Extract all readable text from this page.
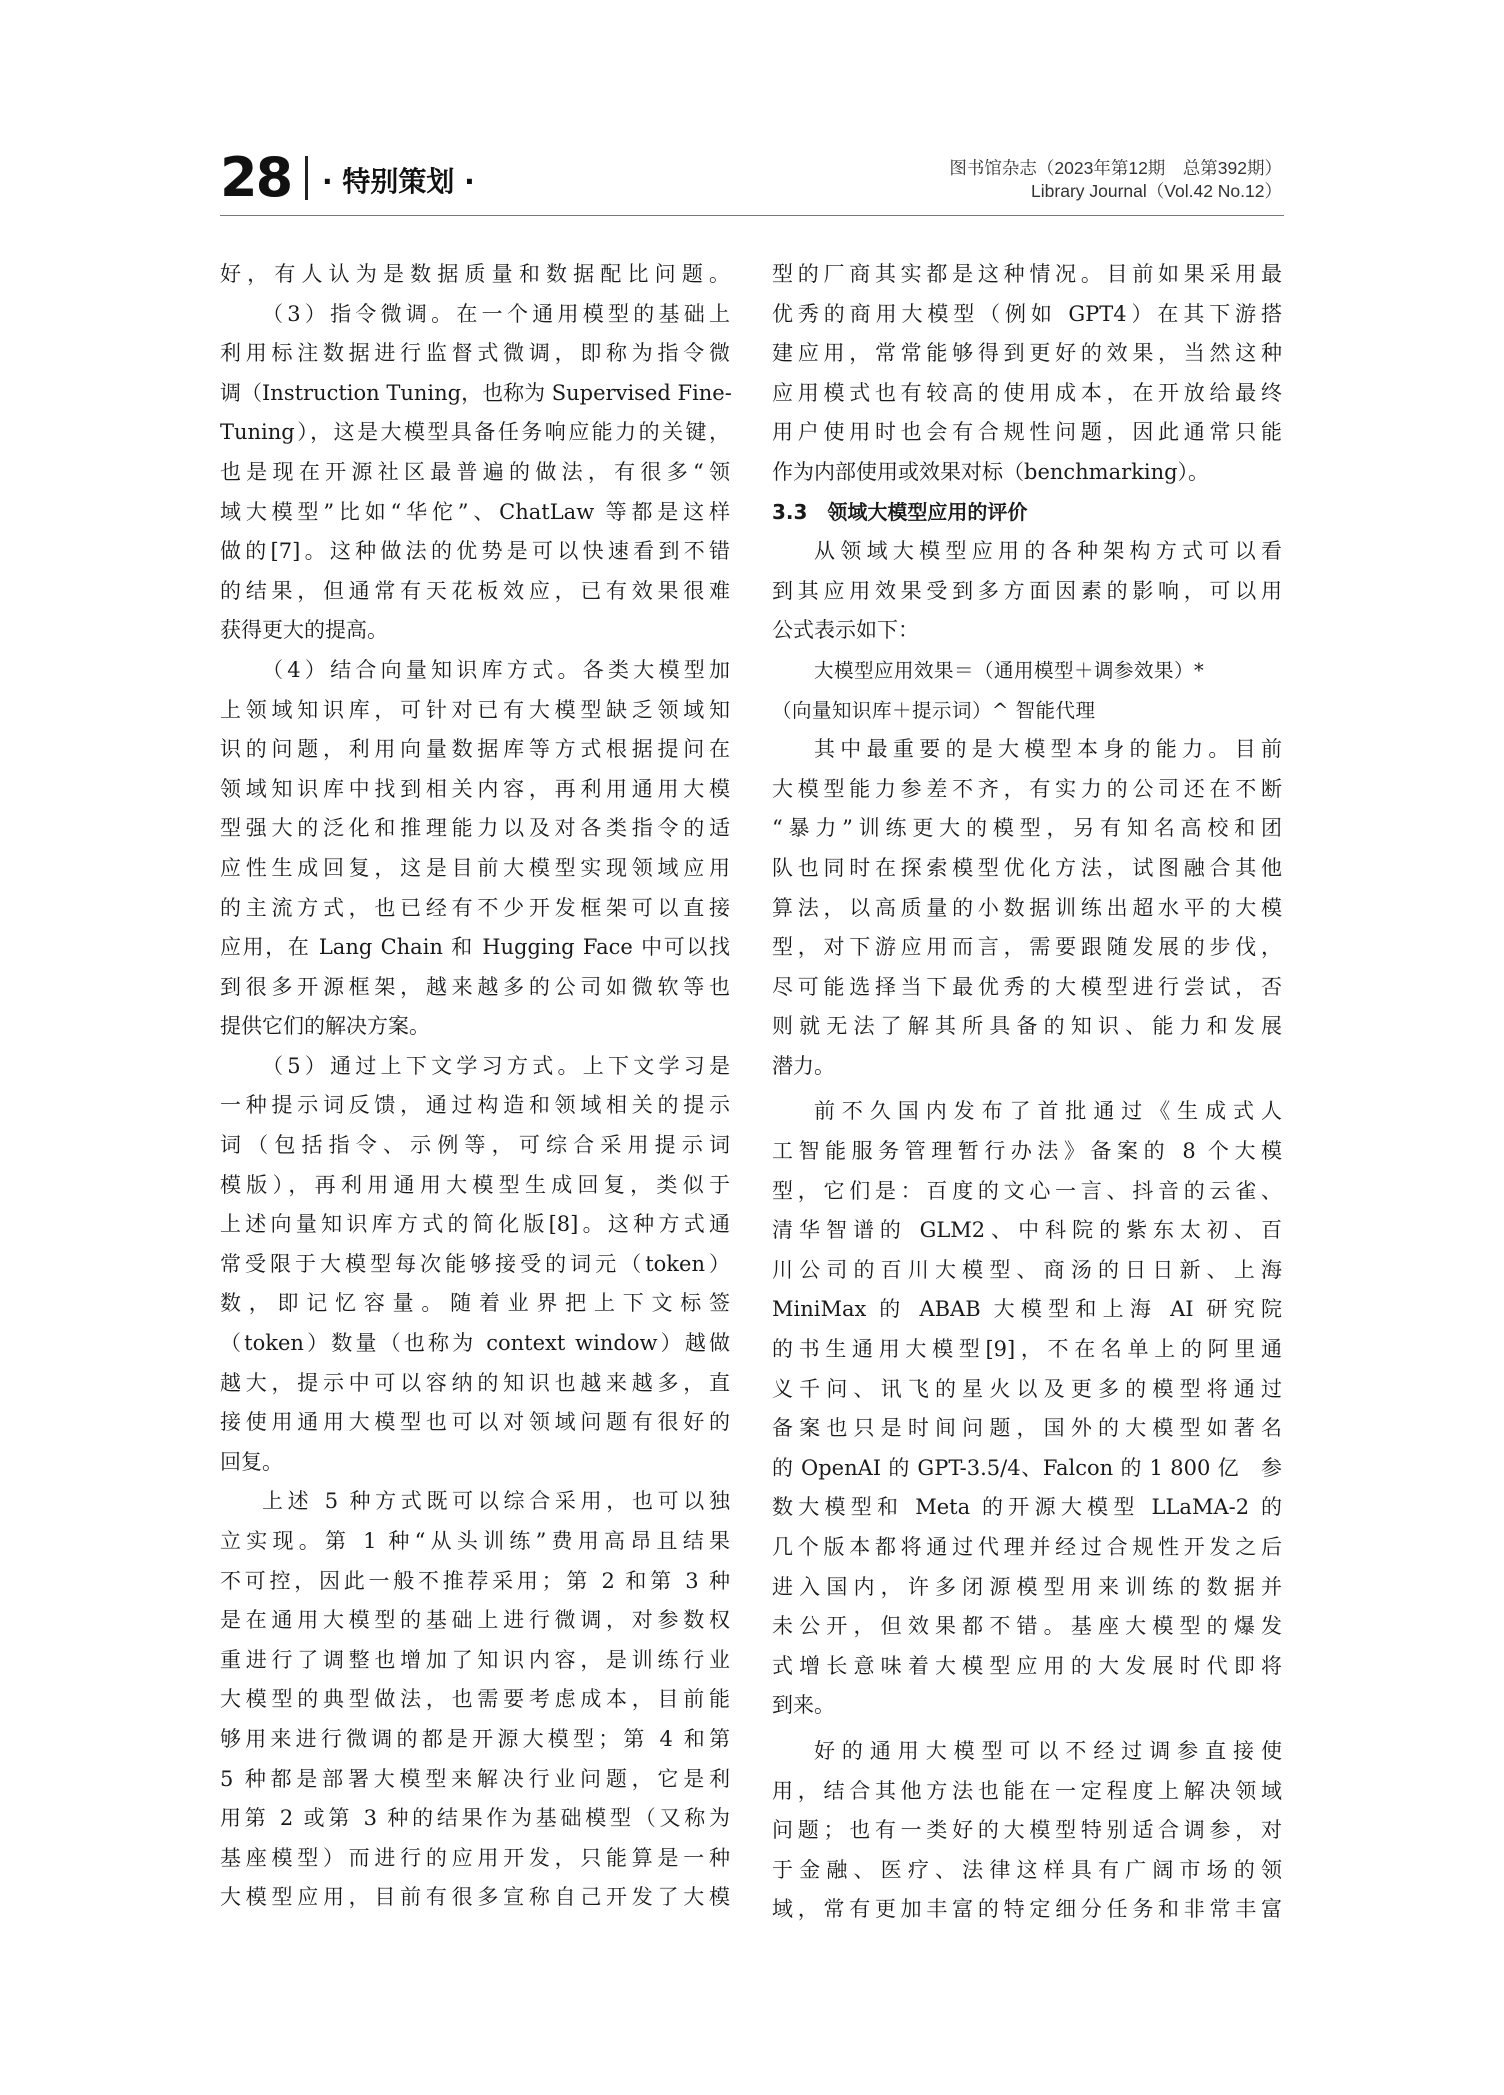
28 · 特别策划 ·	图书馆杂志（2023年第12期　总第392期）
Library Journal（Vol.42 No.12）
好，有人认为是数据质量和数据配比问题。
（3）指令微调。在一个通用模型的基础上
利用标注数据进行监督式微调，即称为指令微
调（Instruction Tuning，也称为 Supervised Fine-
Tuning），这是大模型具备任务响应能力的关键，
也是现在开源社区最普遍的做法，有很多“领
域大模型”比如“华佗”、ChatLaw 等都是这样
做的[7]。这种做法的优势是可以快速看到不错
的结果，但通常有天花板效应，已有效果很难
获得更大的提高。
（4）结合向量知识库方式。各类大模型加
上领域知识库，可针对已有大模型缺乏领域知
识的问题，利用向量数据库等方式根据提问在
领域知识库中找到相关内容，再利用通用大模
型强大的泛化和推理能力以及对各类指令的适
应性生成回复，这是目前大模型实现领域应用
的主流方式，也已经有不少开发框架可以直接
应用，在 Lang Chain 和 Hugging Face 中可以找
到很多开源框架，越来越多的公司如微软等也
提供它们的解决方案。
（5）通过上下文学习方式。上下文学习是
一种提示词反馈，通过构造和领域相关的提示
词（包括指令、示例等，可综合采用提示词
模版），再利用通用大模型生成回复，类似于
上述向量知识库方式的简化版[8]。这种方式通
常受限于大模型每次能够接受的词元（token）
数，即记忆容量。随着业界把上下文标签
（token）数量（也称为 context window）越做
越大，提示中可以容纳的知识也越来越多，直
接使用通用大模型也可以对领域问题有很好的
回复。
上述 5 种方式既可以综合采用，也可以独
立实现。第 1 种“从头训练”费用高昂且结果
不可控，因此一般不推荐采用；第 2 和第 3 种
是在通用大模型的基础上进行微调，对参数权
重进行了调整也增加了知识内容，是训练行业
大模型的典型做法，也需要考虑成本，目前能
够用来进行微调的都是开源大模型；第 4 和第
5 种都是部署大模型来解决行业问题，它是利
用第 2 或第 3 种的结果作为基础模型（又称为
基座模型）而进行的应用开发，只能算是一种
大模型应用，目前有很多宣称自己开发了大模
型的厂商其实都是这种情况。目前如果采用最
优秀的商用大模型（例如 GPT4）在其下游搭
建应用，常常能够得到更好的效果，当然这种
应用模式也有较高的使用成本，在开放给最终
用户使用时也会有合规性问题，因此通常只能
作为内部使用或效果对标（benchmarking）。
3.3　领域大模型应用的评价
从领域大模型应用的各种架构方式可以看
到其应用效果受到多方面因素的影响，可以用
公式表示如下：
大模型应用效果＝（通用模型＋调参效果）*
（向量知识库＋提示词）^ 智能代理
其中最重要的是大模型本身的能力。目前
大模型能力参差不齐，有实力的公司还在不断
“暴力”训练更大的模型，另有知名高校和团
队也同时在探索模型优化方法，试图融合其他
算法，以高质量的小数据训练出超水平的大模
型，对下游应用而言，需要跟随发展的步伐，
尽可能选择当下最优秀的大模型进行尝试，否
则就无法了解其所具备的知识、能力和发展
潜力。
前不久国内发布了首批通过《生成式人
工智能服务管理暂行办法》备案的 8 个大模
型，它们是：百度的文心一言、抖音的云雀、
清华智谱的 GLM2、中科院的紫东太初、百
川公司的百川大模型、商汤的日日新、上海
MiniMax 的 ABAB 大模型和上海 AI 研究院
的书生通用大模型[9]，不在名单上的阿里通
义千问、讯飞的星火以及更多的模型将通过
备案也只是时间问题，国外的大模型如著名
的 OpenAI 的 GPT-3.5/4、Falcon 的 1 800 亿　参
数大模型和 Meta 的开源大模型 LLaMA-2 的
几个版本都将通过代理并经过合规性开发之后
进入国内，许多闭源模型用来训练的数据并
未公开，但效果都不错。基座大模型的爆发
式增长意味着大模型应用的大发展时代即将
到来。
好的通用大模型可以不经过调参直接使
用，结合其他方法也能在一定程度上解决领域
问题；也有一类好的大模型特别适合调参，对
于金融、医疗、法律这样具有广阔市场的领
域，常有更加丰富的特定细分任务和非常丰富
